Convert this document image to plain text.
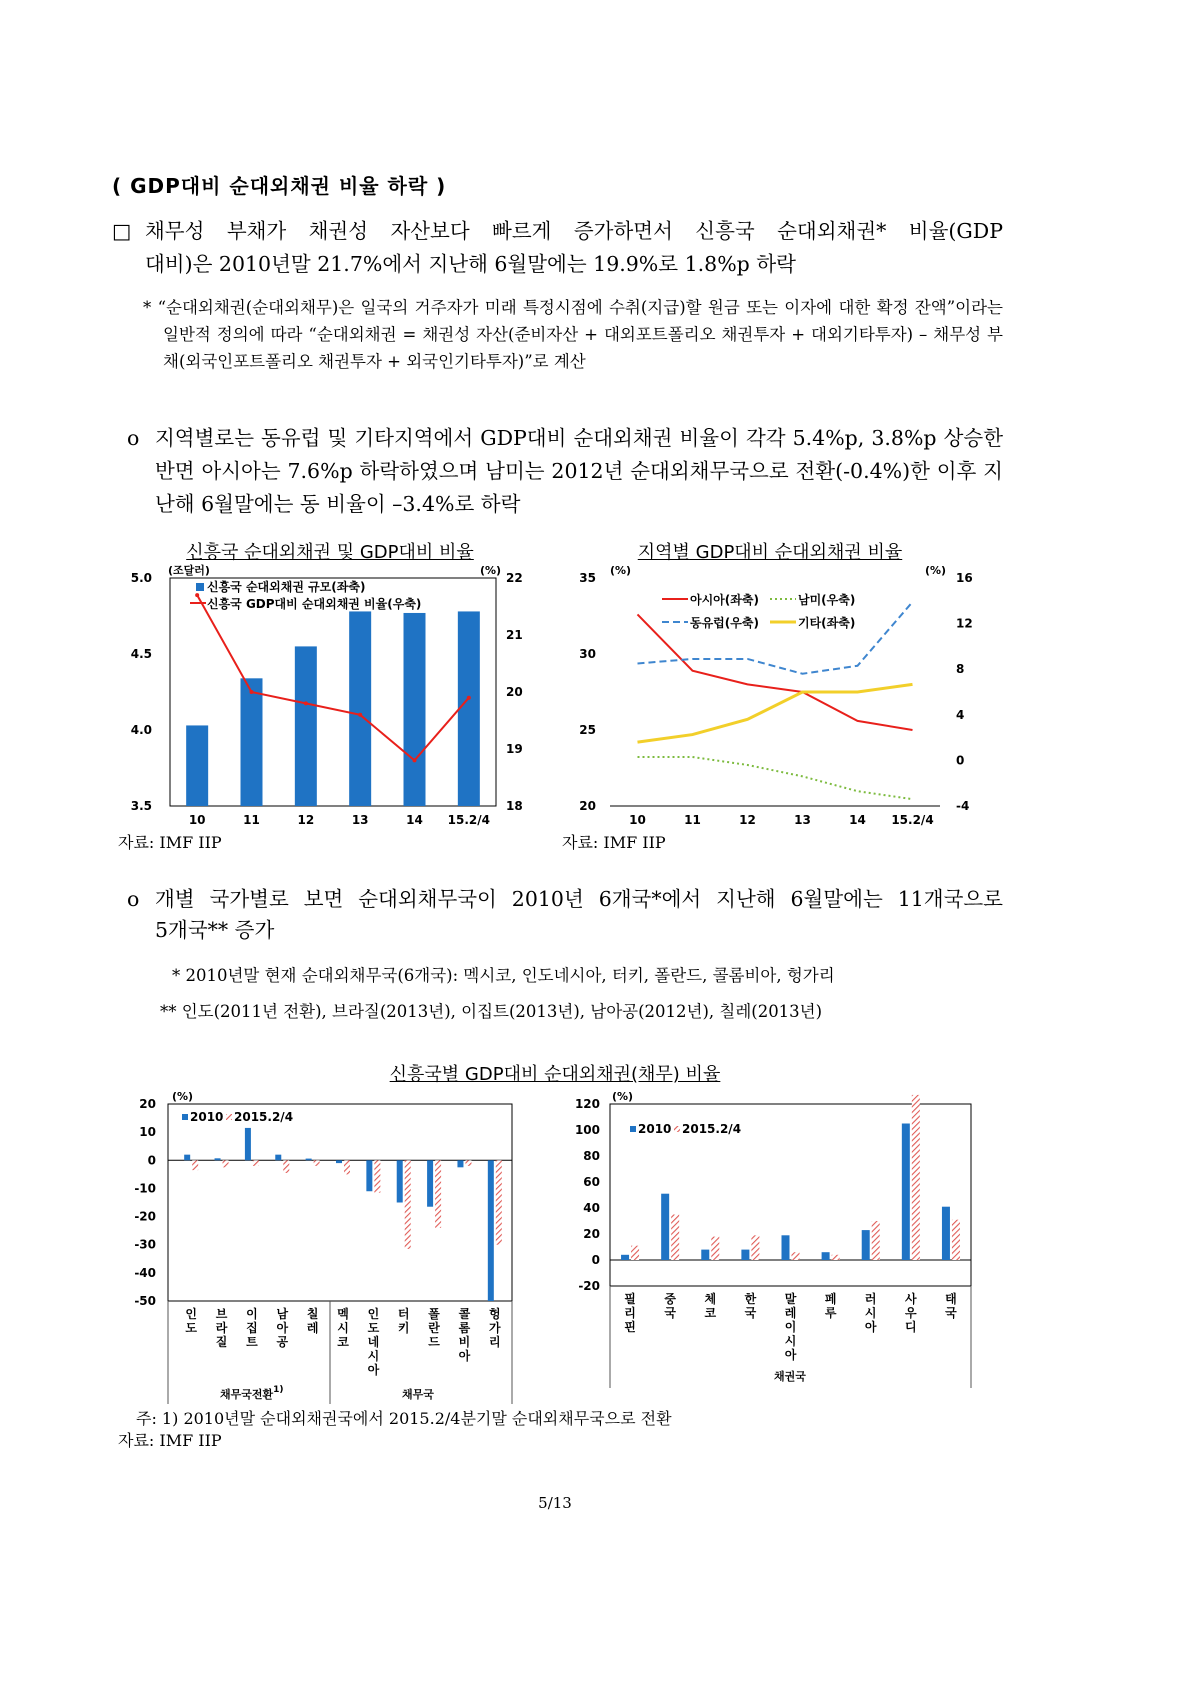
( GDP대비 순대외채권 비율 하락 )
□ 채무성 부채가 채권성 자산보다 빠르게 증가하면서 신흥국 순대외채권* 비율(GDP
대비)은 2010년말 21.7%에서 지난해 6월말에는 19.9%로 1.8%p 하락
* “순대외채권(순대외채무)은 일국의 거주자가 미래 특정시점에 수취(지급)할 원금 또는 이자에 대한 확정 잔액”이라는 일반적 정의에 따라 “순대외채권 = 채권성 자산(준비자산 + 대외포트폴리오 채권투자 + 대외기타투자) – 채무성 부채(외국인포트폴리오 채권투자 + 외국인기타투자)”로 계산
o 지역별로는 동유럽 및 기타지역에서 GDP대비 순대외채권 비율이 각각 5.4%p, 3.8%p 상승한 반면 아시아는 7.6%p 하락하였으며 남미는 2012년 순대외채무국으로 전환(-0.4%)한 이후 지난해 6월말에는 동 비율이 –3.4%로 하락
신흥국 순대외채권 및 GDP대비 비율	지역별 GDP대비 순대외채권 비율
(조달러)	(%)
5.0
4.5
4.0
3.5
22
21
20
19
18
10	11	12	13	14 15.2/4
신흥국 순대외채권 규모(좌축)
신흥국 GDP대비 순대외채권 비율(우축)
(%)	(%)
35
30
25
20
16
12
8
4
0
-4
10	11	12	13	14 15.2/4
아시아(좌축)	남미(우축)
동유럽(우축)	기타(좌축)
자료: IMF IIP	자료: IMF IIP
o 개별 국가별로 보면 순대외채무국이 2010년 6개국*에서 지난해 6월말에는 11개국으로
5개국** 증가
* 2010년말 현재 순대외채무국(6개국): 멕시코, 인도네시아, 터키, 폴란드, 콜롬비아, 헝가리
** 인도(2011년 전환), 브라질(2013년), 이집트(2013년), 남아공(2012년), 칠레(2013년)
신흥국별 GDP대비 순대외채권(채무) 비율
(%)
20
10
0
-10
-20
-30
-40
-50
2010 2015.2/4
채무국전환$^{1)}$	채무국
인 도
브 라 질
이 집 트
남 아 공
칠 레
멕 시 코
인 도 네 시 아
터 키
폴 란 드
콜 롬 비 아
헝 가 리
(%)
120
100
80
60
40
20
0
-20
2010 2015.2/4
채권국
필 리 핀
중 국
체 코
한 국
말 레 이 시 아
페 루
러 시 아
사 우 디
태 국
주: 1) 2010년말 순대외채권국에서 2015.2/4분기말 순대외채무국으로 전환
자료: IMF IIP
5/13
